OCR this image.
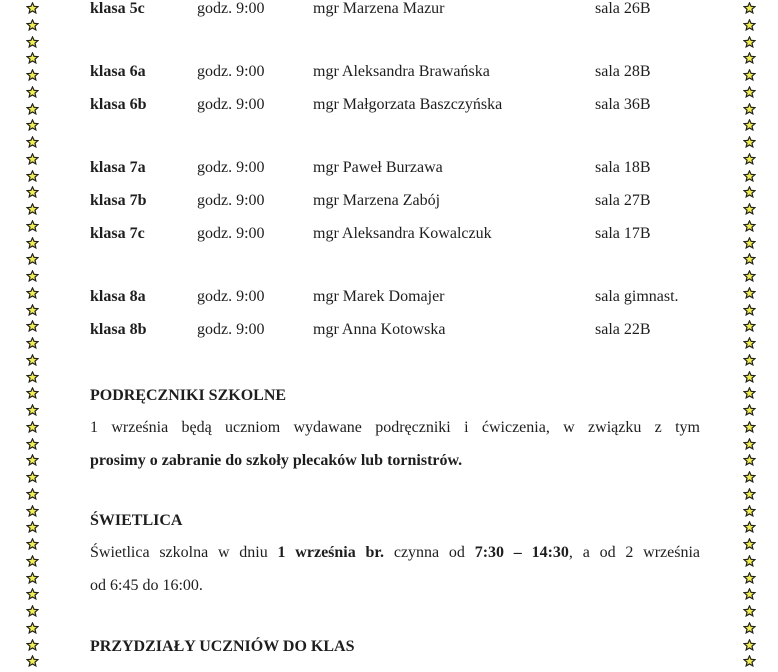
klasa 5c	godz. 9:00	mgr Marzena Mazur	sala 26B
klasa 6a	godz. 9:00	mgr Aleksandra Brawańska	sala 28B
klasa 6b	godz. 9:00	mgr Małgorzata Baszczyńska	sala 36B
klasa 7a	godz. 9:00	mgr Paweł Burzawa	sala 18B
klasa 7b	godz. 9:00	mgr Marzena Zabój	sala 27B
klasa 7c	godz. 9:00	mgr Aleksandra Kowalczuk	sala 17B
klasa 8a	godz. 9:00	mgr Marek Domajer	sala gimnast.
klasa 8b	godz. 9:00	mgr Anna Kotowska	sala 22B
PODRĘCZNIKI SZKOLNE
1 września będą uczniom wydawane podręczniki i ćwiczenia, w związku z tym
prosimy o zabranie do szkoły plecaków lub tornistrów.
ŚWIETLICA
Świetlica szkolna w dniu 1 września br. czynna od 7:30 – 14:30, a od 2 września
od 6:45 do 16:00.
PRZYDZIAŁY UCZNIÓW DO KLAS
